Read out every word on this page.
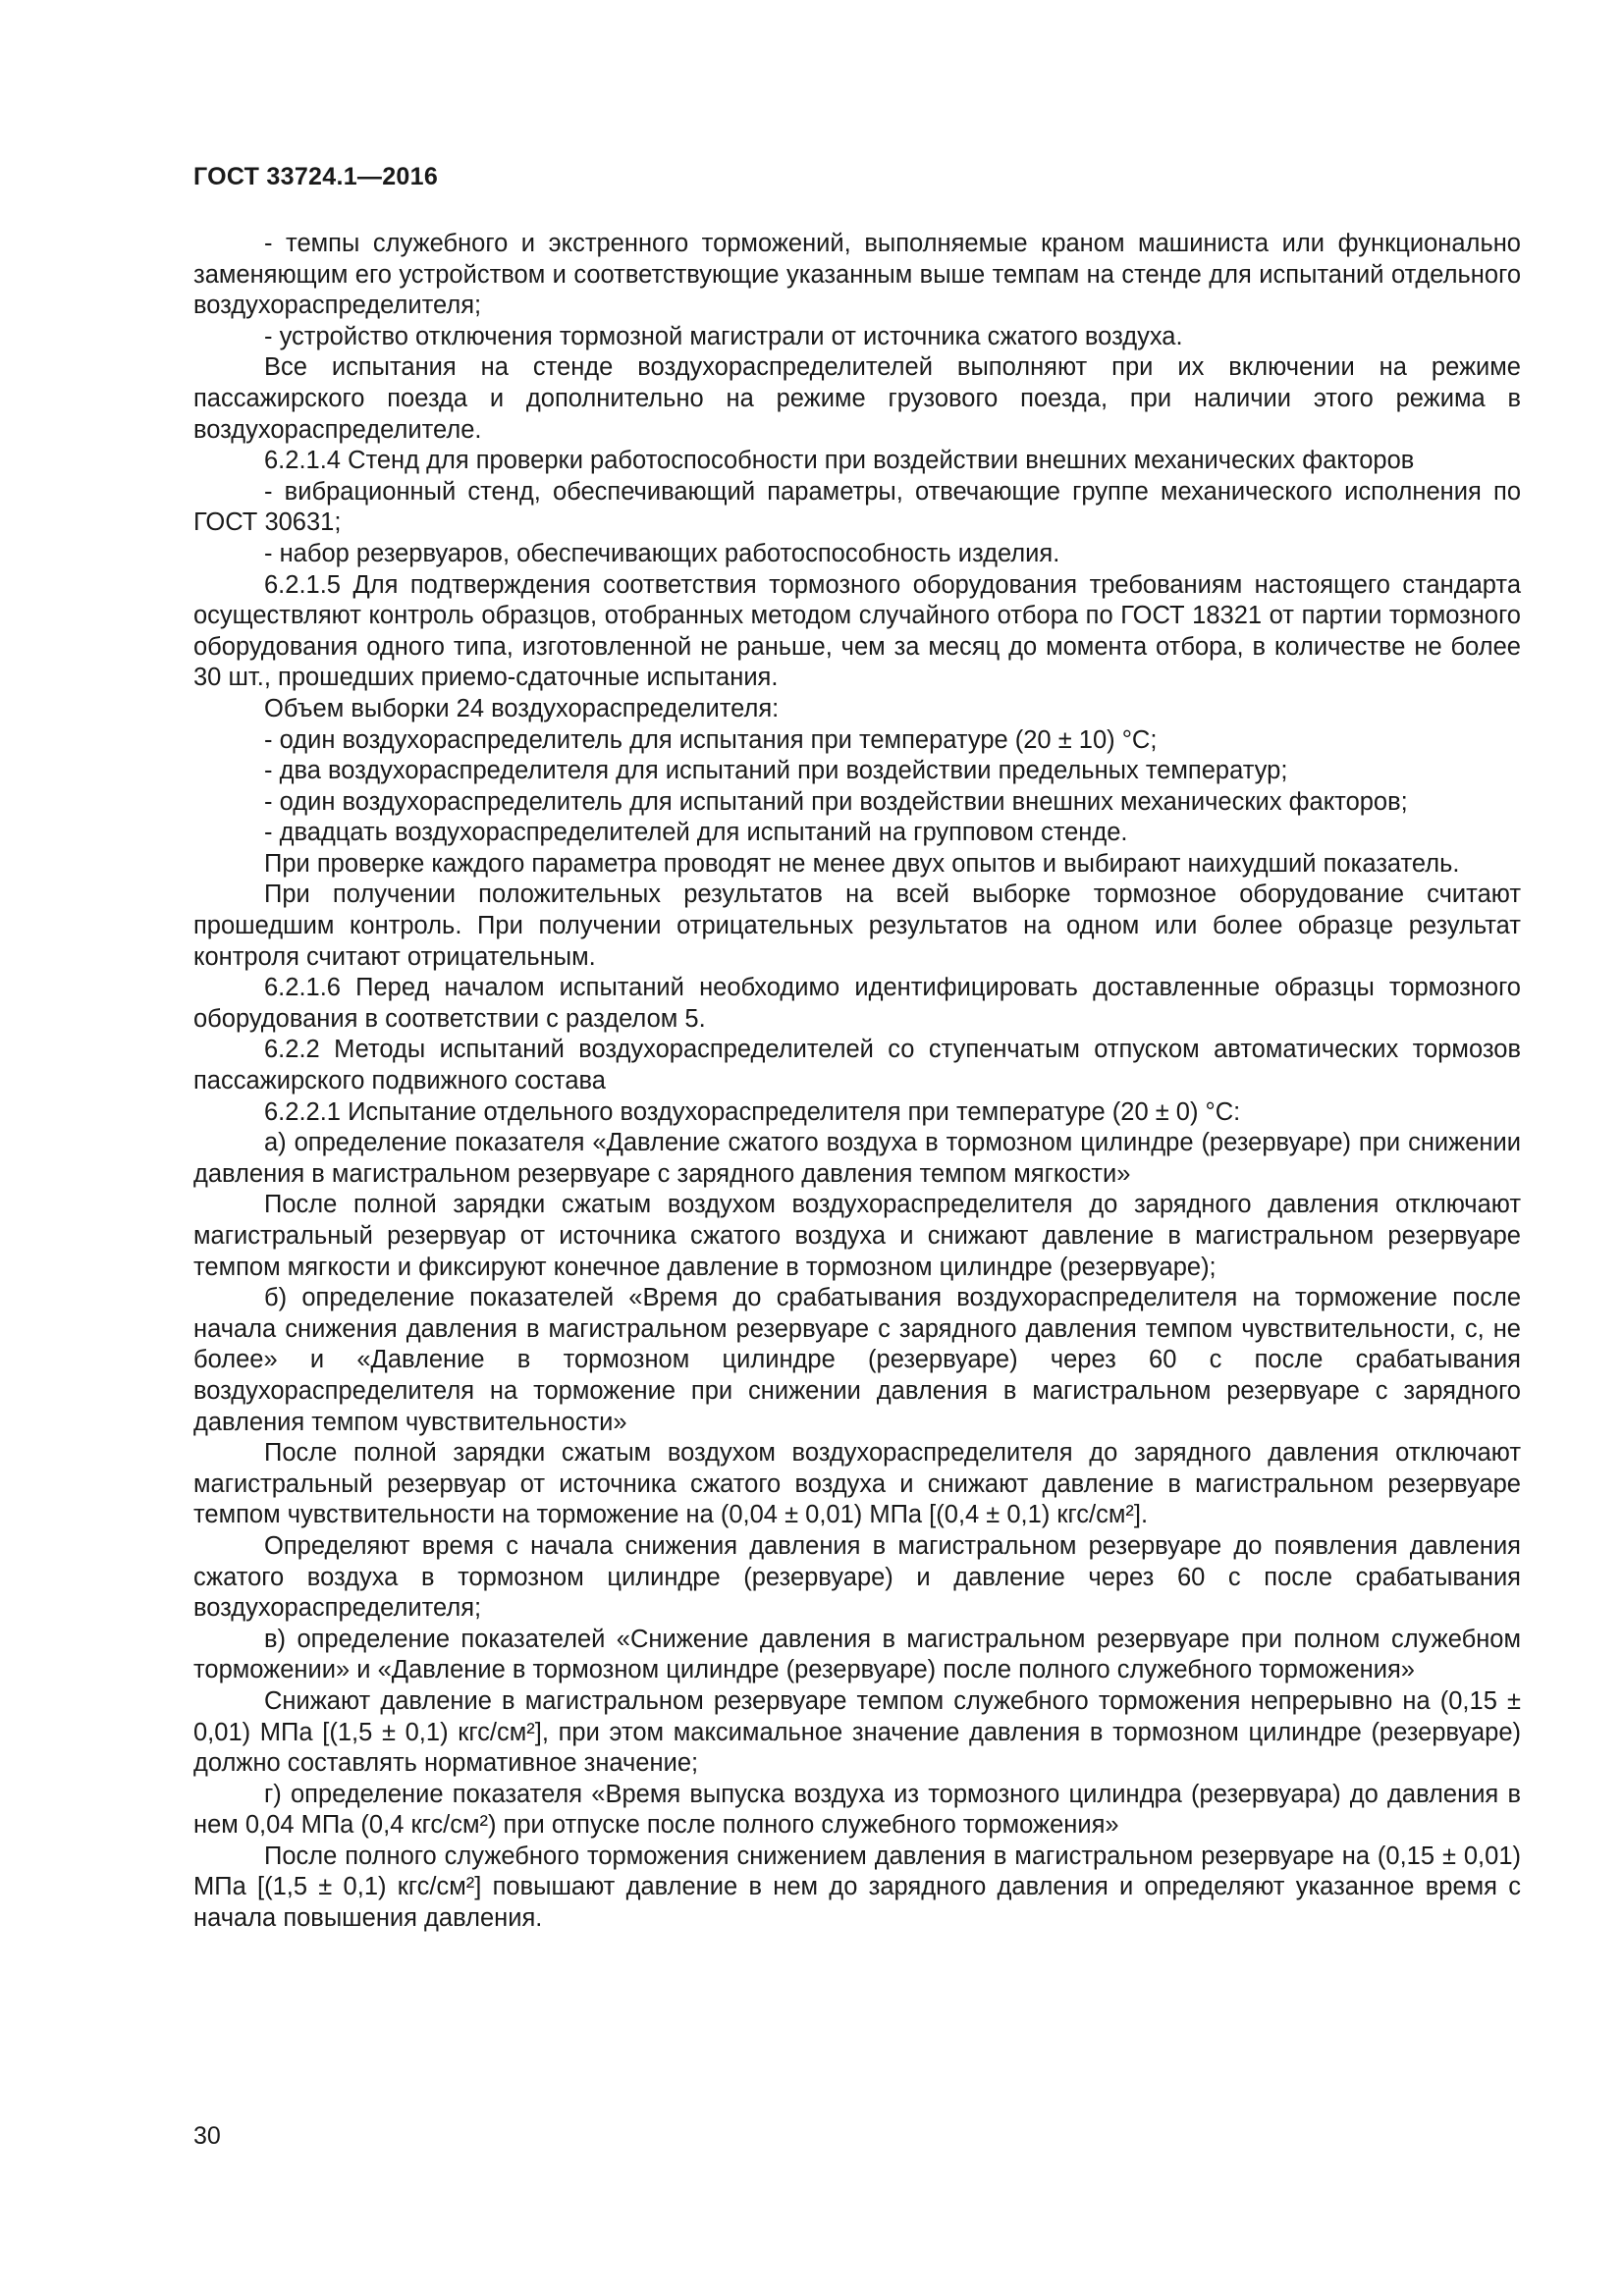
ГОСТ 33724.1—2016

- темпы служебного и экстренного торможений, выполняемые краном машиниста или функционально заменяющим его устройством и соответствующие указанным выше темпам на стенде для испытаний отдельного воздухораспределителя;

- устройство отключения тормозной магистрали от источника сжатого воздуха.

Все испытания на стенде воздухораспределителей выполняют при их включении на режиме пассажирского поезда и дополнительно на режиме грузового поезда, при наличии этого режима в воздухораспределителе.

6.2.1.4 Стенд для проверки работоспособности при воздействии внешних механических факторов

- вибрационный стенд, обеспечивающий параметры, отвечающие группе механического исполнения по ГОСТ 30631;

- набор резервуаров, обеспечивающих работоспособность изделия.

6.2.1.5 Для подтверждения соответствия тормозного оборудования требованиям настоящего стандарта осуществляют контроль образцов, отобранных методом случайного отбора по ГОСТ 18321 от партии тормозного оборудования одного типа, изготовленной не раньше, чем за месяц до момента отбора, в количестве не более 30 шт., прошедших приемо-сдаточные испытания.

Объем выборки 24 воздухораспределителя:

- один воздухораспределитель для испытания при температуре (20 ± 10) °С;

- два воздухораспределителя для испытаний при воздействии предельных температур;

- один воздухораспределитель для испытаний при воздействии внешних механических факторов;

- двадцать воздухораспределителей для испытаний на групповом стенде.

При проверке каждого параметра проводят не менее двух опытов и выбирают наихудший показатель.

При получении положительных результатов на всей выборке тормозное оборудование считают прошедшим контроль. При получении отрицательных результатов на одном или более образце результат контроля считают отрицательным.

6.2.1.6 Перед началом испытаний необходимо идентифицировать доставленные образцы тормозного оборудования в соответствии с разделом 5.

6.2.2 Методы испытаний воздухораспределителей со ступенчатым отпуском автоматических тормозов пассажирского подвижного состава

6.2.2.1 Испытание отдельного воздухораспределителя при температуре (20 ± 0) °С:

а) определение показателя «Давление сжатого воздуха в тормозном цилиндре (резервуаре) при снижении давления в магистральном резервуаре с зарядного давления темпом мягкости»

После полной зарядки сжатым воздухом воздухораспределителя до зарядного давления отключают магистральный резервуар от источника сжатого воздуха и снижают давление в магистральном резервуаре темпом мягкости и фиксируют конечное давление в тормозном цилиндре (резервуаре);

б) определение показателей «Время до срабатывания воздухораспределителя на торможение после начала снижения давления в магистральном резервуаре с зарядного давления темпом чувствительности, с, не более» и «Давление в тормозном цилиндре (резервуаре) через 60 с после срабатывания воздухораспределителя на торможение при снижении давления в магистральном резервуаре с зарядного давления темпом чувствительности»

После полной зарядки сжатым воздухом воздухораспределителя до зарядного давления отключают магистральный резервуар от источника сжатого воздуха и снижают давление в магистральном резервуаре темпом чувствительности на торможение на (0,04 ± 0,01) МПа [(0,4 ± 0,1) кгс/см²].

Определяют время с начала снижения давления в магистральном резервуаре до появления давления сжатого воздуха в тормозном цилиндре (резервуаре) и давление через 60 с после срабатывания воздухораспределителя;

в) определение показателей «Снижение давления в магистральном резервуаре при полном служебном торможении» и «Давление в тормозном цилиндре (резервуаре) после полного служебного торможения»

Снижают давление в магистральном резервуаре темпом служебного торможения непрерывно на (0,15 ± 0,01) МПа [(1,5 ± 0,1) кгс/см²], при этом максимальное значение давления в тормозном цилиндре (резервуаре) должно составлять нормативное значение;

г) определение показателя «Время выпуска воздуха из тормозного цилиндра (резервуара) до давления в нем 0,04 МПа (0,4 кгс/см²) при отпуске после полного служебного торможения»

После полного служебного торможения снижением давления в магистральном резервуаре на (0,15 ± 0,01) МПа [(1,5 ± 0,1) кгс/см²] повышают давление в нем до зарядного давления и определяют указанное время с начала повышения давления.

30
